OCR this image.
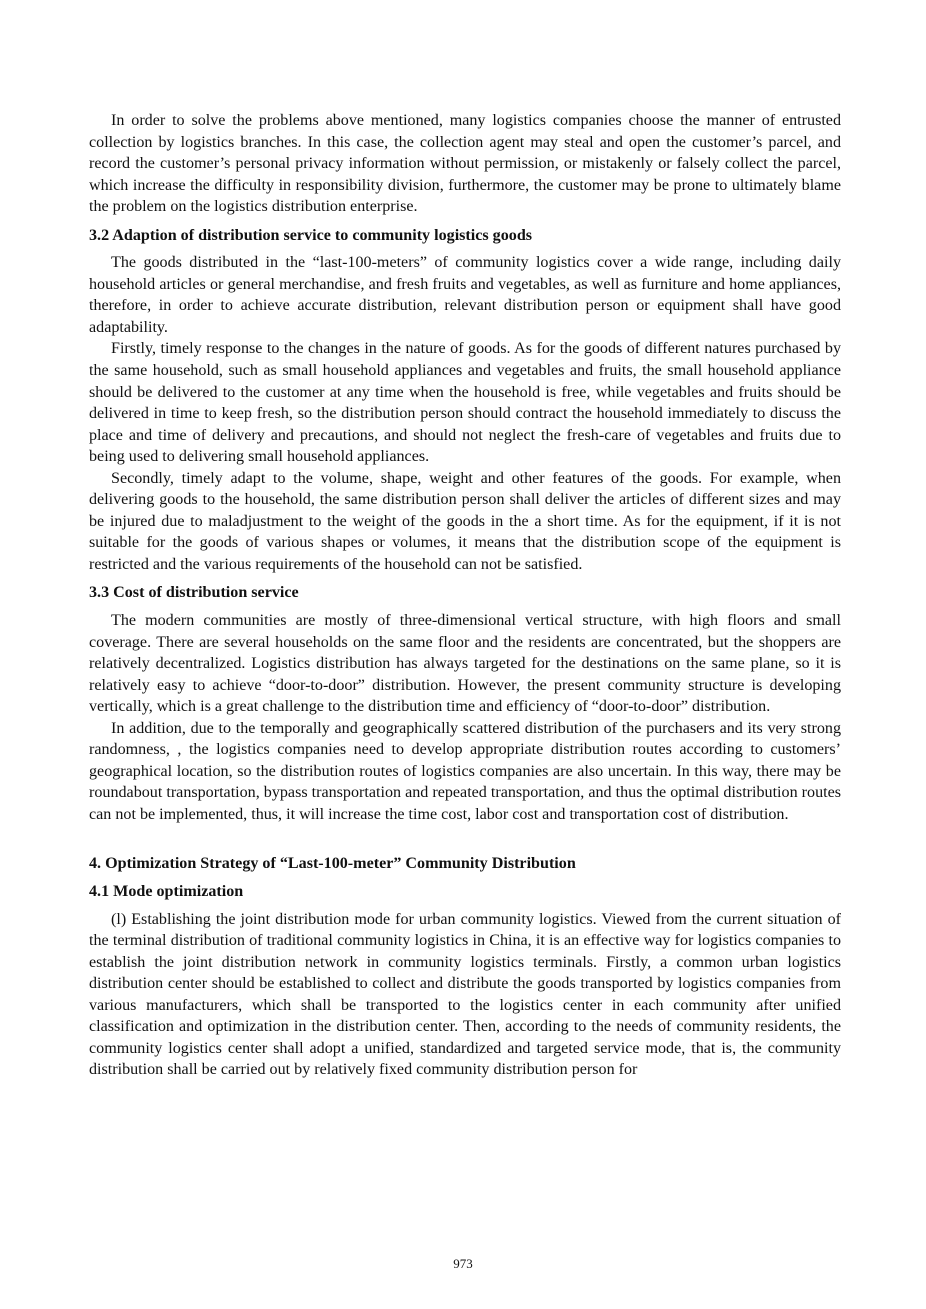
In order to solve the problems above mentioned, many logistics companies choose the manner of entrusted collection by logistics branches. In this case, the collection agent may steal and open the customer’s parcel, and record the customer’s personal privacy information without permission, or mistakenly or falsely collect the parcel, which increase the difficulty in responsibility division, furthermore, the customer may be prone to ultimately blame the problem on the logistics distribution enterprise.

3.2 Adaption of distribution service to community logistics goods

The goods distributed in the “last-100-meters” of community logistics cover a wide range, including daily household articles or general merchandise, and fresh fruits and vegetables, as well as furniture and home appliances, therefore, in order to achieve accurate distribution, relevant distribution person or equipment shall have good adaptability.

Firstly, timely response to the changes in the nature of goods. As for the goods of different natures purchased by the same household, such as small household appliances and vegetables and fruits, the small household appliance should be delivered to the customer at any time when the household is free, while vegetables and fruits should be delivered in time to keep fresh, so the distribution person should contract the household immediately to discuss the place and time of delivery and precautions, and should not neglect the fresh-care of vegetables and fruits due to being used to delivering small household appliances.

Secondly, timely adapt to the volume, shape, weight and other features of the goods. For example, when delivering goods to the household, the same distribution person shall deliver the articles of different sizes and may be injured due to maladjustment to the weight of the goods in the a short time. As for the equipment, if it is not suitable for the goods of various shapes or volumes, it means that the distribution scope of the equipment is restricted and the various requirements of the household can not be satisfied.

3.3 Cost of distribution service

The modern communities are mostly of three-dimensional vertical structure, with high floors and small coverage. There are several households on the same floor and the residents are concentrated, but the shoppers are relatively decentralized. Logistics distribution has always targeted for the destinations on the same plane, so it is relatively easy to achieve “door-to-door” distribution. However, the present community structure is developing vertically, which is a great challenge to the distribution time and efficiency of “door-to-door” distribution.

In addition, due to the temporally and geographically scattered distribution of the purchasers and its very strong randomness, , the logistics companies need to develop appropriate distribution routes according to customers’ geographical location, so the distribution routes of logistics companies are also uncertain. In this way, there may be roundabout transportation, bypass transportation and repeated transportation, and thus the optimal distribution routes can not be implemented, thus, it will increase the time cost, labor cost and transportation cost of distribution.

4. Optimization Strategy of “Last-100-meter” Community Distribution
4.1 Mode optimization

(l) Establishing the joint distribution mode for urban community logistics. Viewed from the current situation of the terminal distribution of traditional community logistics in China, it is an effective way for logistics companies to establish the joint distribution network in community logistics terminals. Firstly, a common urban logistics distribution center should be established to collect and distribute the goods transported by logistics companies from various manufacturers, which shall be transported to the logistics center in each community after unified classification and optimization in the distribution center. Then, according to the needs of community residents, the community logistics center shall adopt a unified, standardized and targeted service mode, that is, the community distribution shall be carried out by relatively fixed community distribution person for

973
